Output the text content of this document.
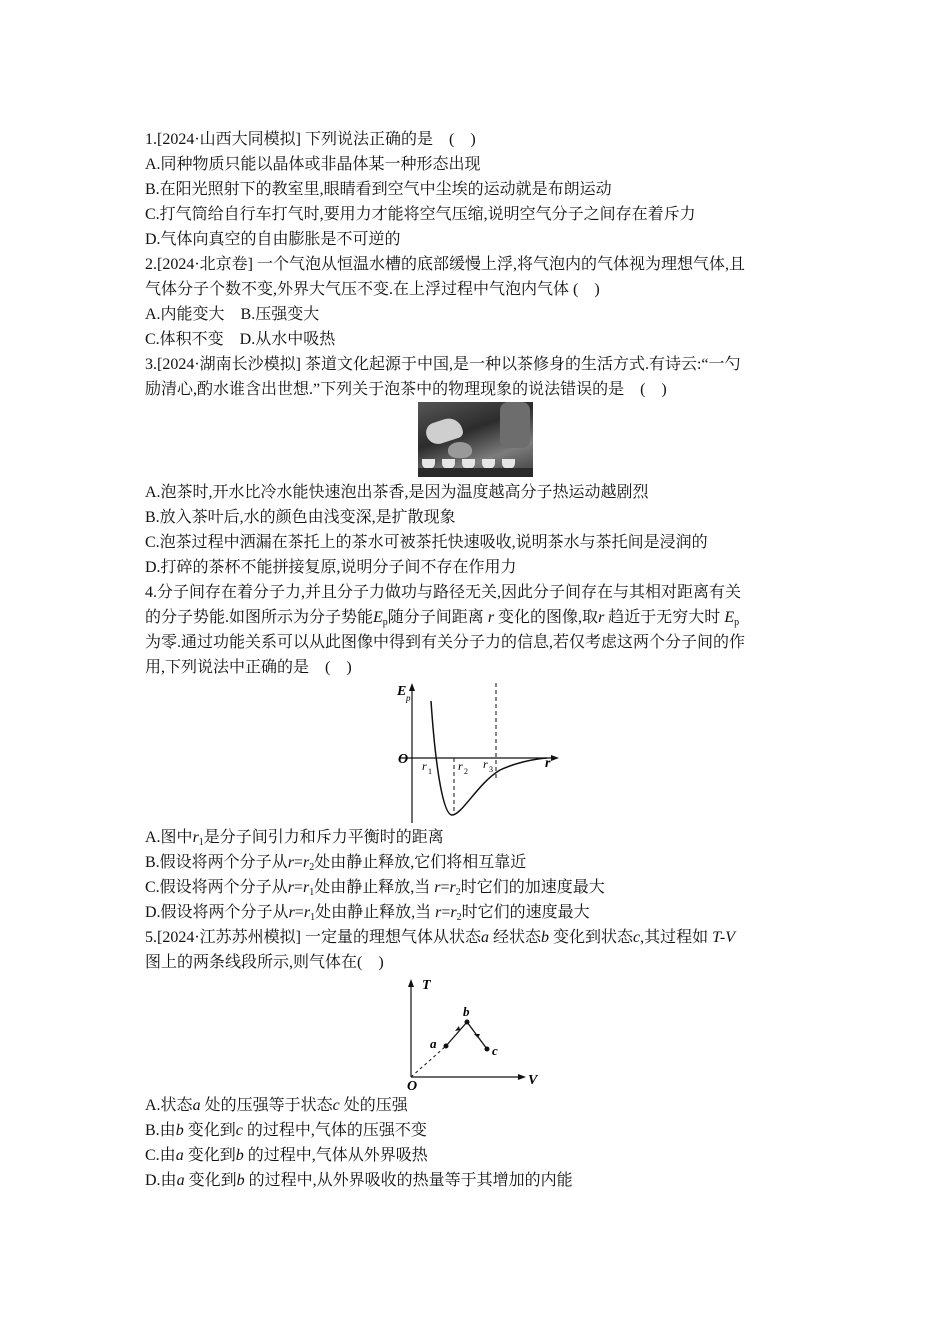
1.[2024·山西大同模拟] 下列说法正确的是　(　)
A.同种物质只能以晶体或非晶体某一种形态出现
B.在阳光照射下的教室里,眼睛看到空气中尘埃的运动就是布朗运动
C.打气筒给自行车打气时,要用力才能将空气压缩,说明空气分子之间存在着斥力
D.气体向真空的自由膨胀是不可逆的
2.[2024·北京卷] 一个气泡从恒温水槽的底部缓慢上浮,将气泡内的气体视为理想气体,且
气体分子个数不变,外界大气压不变.在上浮过程中气泡内气体 (　)
A.内能变大　B.压强变大
C.体积不变　D.从水中吸热
3.[2024·湖南长沙模拟] 茶道文化起源于中国,是一种以茶修身的生活方式.有诗云:“一勺
励清心,酌水谁含出世想.”下列关于泡茶中的物理现象的说法错误的是　(　)
A.泡茶时,开水比冷水能快速泡出茶香,是因为温度越高分子热运动越剧烈
B.放入茶叶后,水的颜色由浅变深,是扩散现象
C.泡茶过程中洒漏在茶托上的茶水可被茶托快速吸收,说明茶水与茶托间是浸润的
D.打碎的茶杯不能拼接复原,说明分子间不存在作用力
4.分子间存在着分子力,并且分子力做功与路径无关,因此分子间存在与其相对距离有关
的分子势能.如图所示为分子势能$E_p$随分子间距离 r 变化的图像,取r 趋近于无穷大时 $E_p$
为零.通过功能关系可以从此图像中得到有关分子力的信息,若仅考虑这两个分子间的作
用,下列说法中正确的是　(　)
E p
O	r
r 1 r 2
r 3
A.图中$r_1$是分子间引力和斥力平衡时的距离
B.假设将两个分子从$r=r_2$处由静止释放,它们将相互靠近
C.假设将两个分子从$r=r_1$处由静止释放,当 $r=r_2$时它们的加速度最大
D.假设将两个分子从$r=r_1$处由静止释放,当 $r=r_2$时它们的速度最大
5.[2024·江苏苏州模拟] 一定量的理想气体从状态a 经状态b 变化到状态c,其过程如 T-V
图上的两条线段所示,则气体在(　)
T
V
O
a
b
c
A.状态a 处的压强等于状态c 处的压强
B.由b 变化到c 的过程中,气体的压强不变
C.由a 变化到b 的过程中,气体从外界吸热
D.由a 变化到b 的过程中,从外界吸收的热量等于其增加的内能
